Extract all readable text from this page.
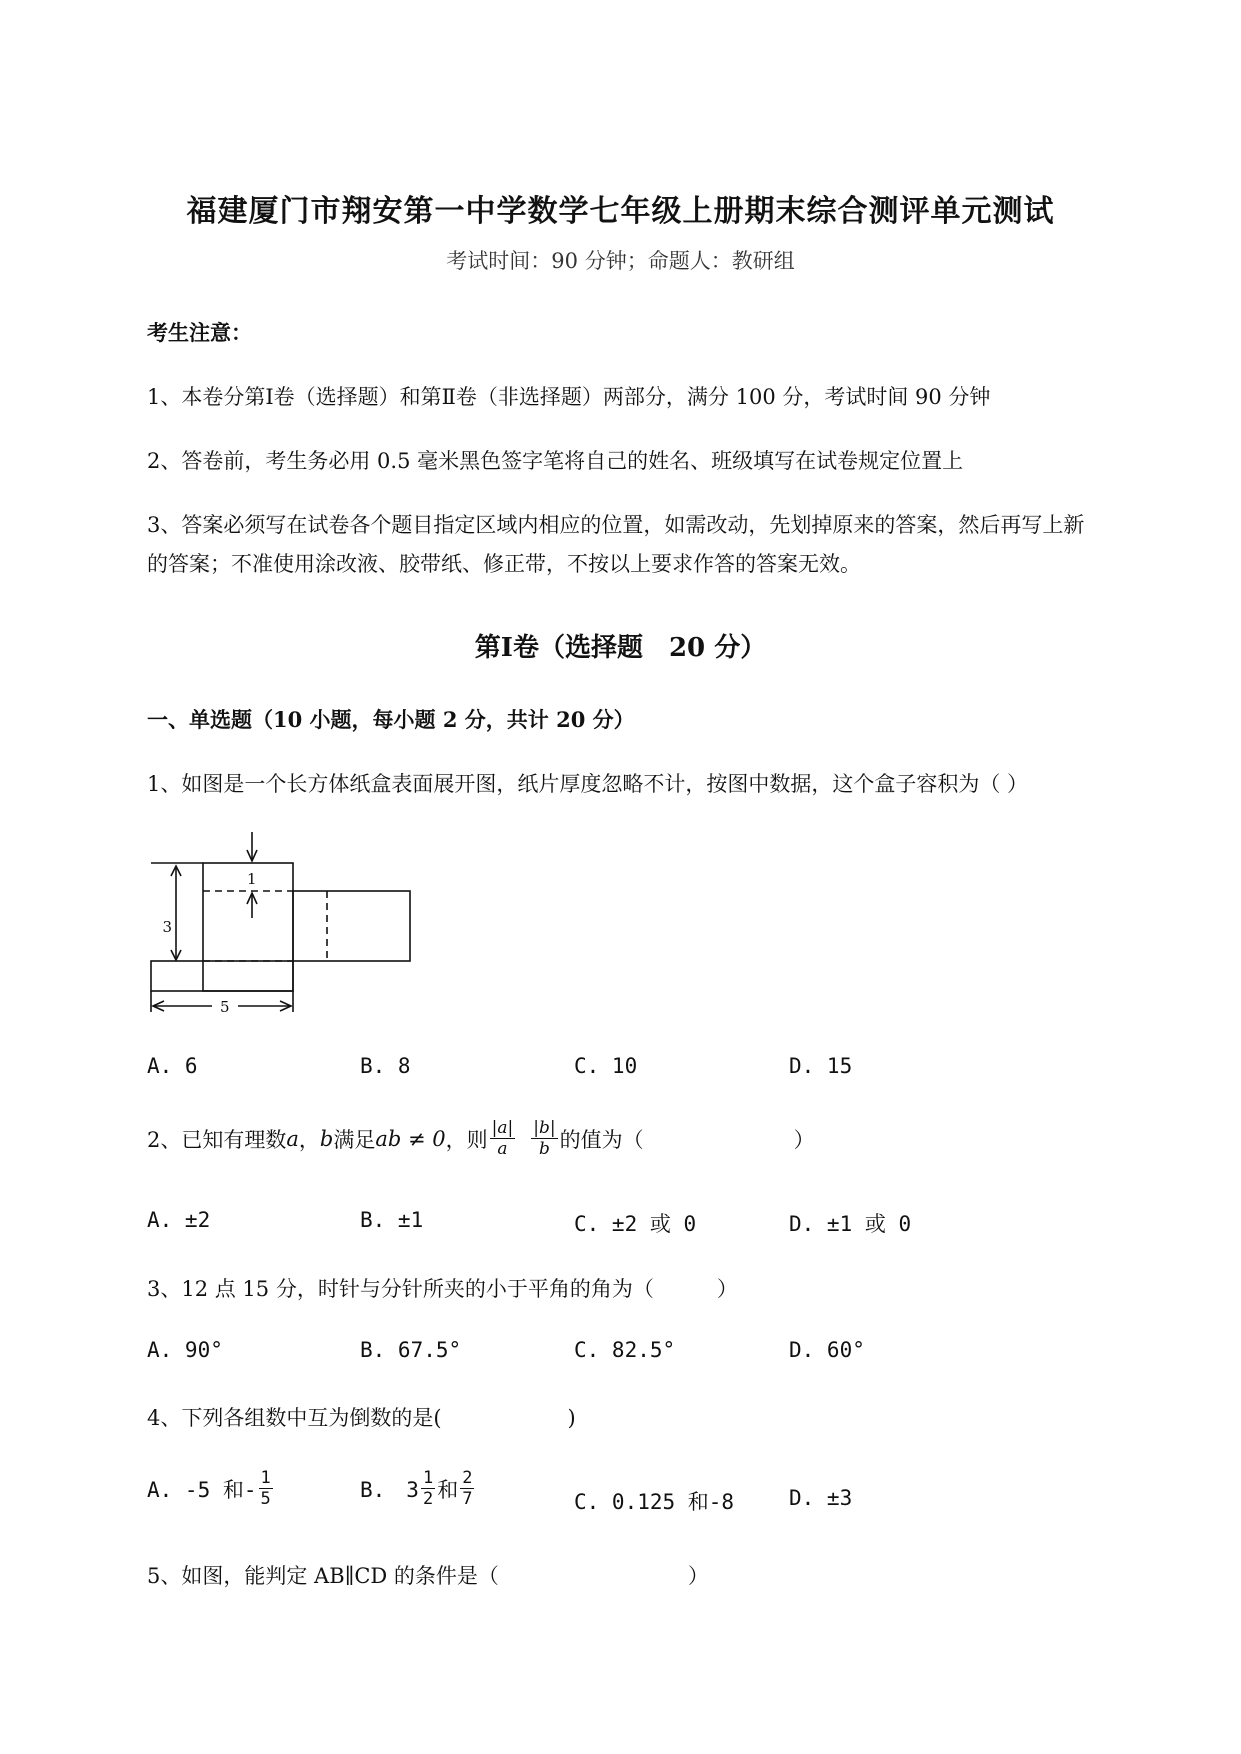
福建厦门市翔安第一中学数学七年级上册期末综合测评单元测试
考试时间：90 分钟；命题人：教研组
考生注意：
1、本卷分第Ⅰ卷（选择题）和第Ⅱ卷（非选择题）两部分，满分 100 分，考试时间 90 分钟
2、答卷前，考生务必用 0.5 毫米黑色签字笔将自己的姓名、班级填写在试卷规定位置上
3、答案必须写在试卷各个题目指定区域内相应的位置，如需改动，先划掉原来的答案，然后再写上新
的答案；不准使用涂改液、胶带纸、修正带，不按以上要求作答的答案无效。
第Ⅰ卷（选择题　20 分）
一、单选题（10 小题，每小题 2 分，共计 20 分）
1、如图是一个长方体纸盒表面展开图，纸片厚度忽略不计，按图中数据，这个盒子容积为（ ）
1
3
5
A. 6	B. 8	C. 10	D. 15
2、已知有理数 a ， b 满足 ab ≠ 0 ，则 $\frac{|a|}{a} \frac{|b|}{b}$ 的值为（	）
A. ±2	B. ±1	C. ±2 或 0	D. ±1 或 0
3、12 点 15 分，时针与分针所夹的小于平角的角为（　　　）
A. 90°	B. 67.5°	C. 82.5°	D. 60°
4、下列各组数中互为倒数的是(　　　　　　)
A. -5 和- $\frac{1}{5}$	B.　$3 \frac{1}{2}$ 和 $\frac{2}{7}$	C. 0.125 和-8	D. ±3
5、如图，能判定 AB∥CD 的条件是（　　　　　　　　　）
